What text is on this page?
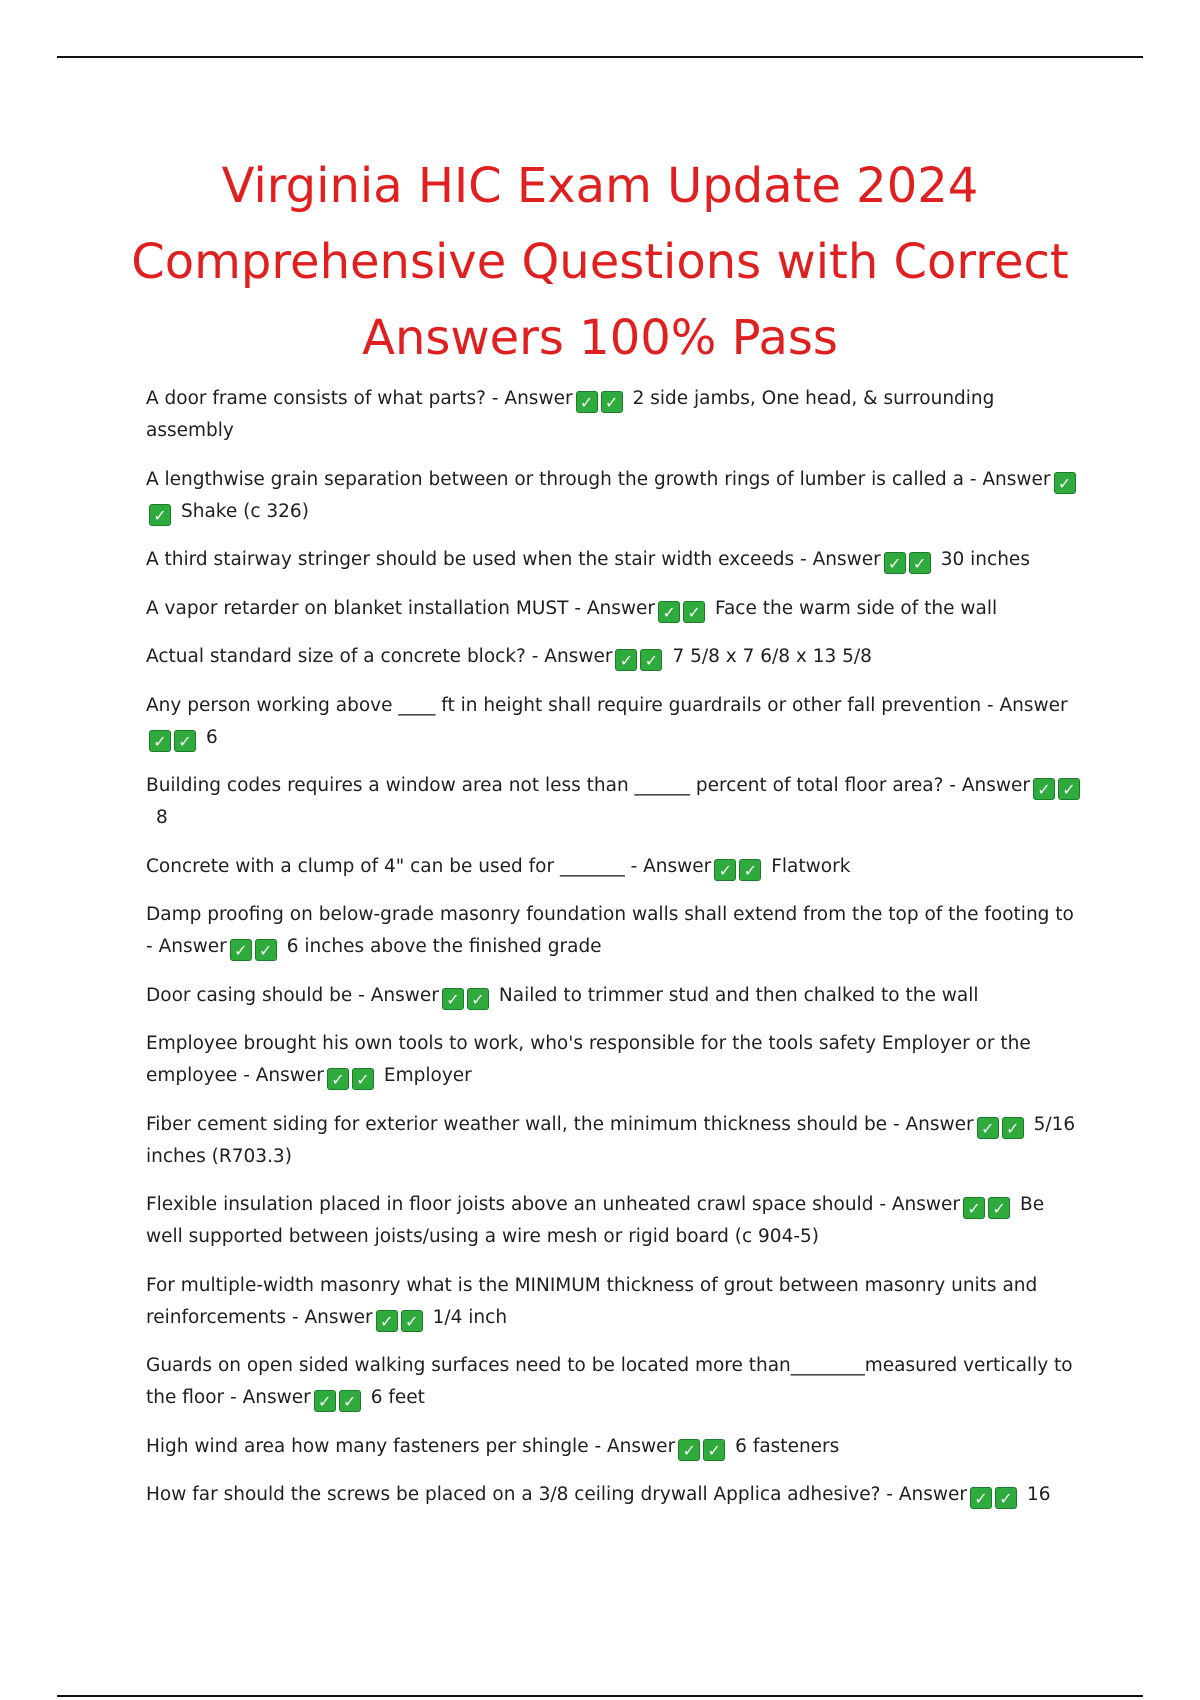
Virginia HIC Exam Update 2024 Comprehensive Questions with Correct Answers 100% Pass

A door frame consists of what parts? - Answer ✓ ✓ 2 side jambs, One head, & surrounding assembly

A lengthwise grain separation between or through the growth rings of lumber is called a - Answer ✓✓ Shake (c 326)

A third stairway stringer should be used when the stair width exceeds - Answer ✓ ✓ 30 inches

A vapor retarder on blanket installation MUST - Answer ✓ ✓ Face the warm side of the wall

Actual standard size of a concrete block? - Answer ✓ ✓ 7 5/8 x 7 6/8 x 13 5/8

Any person working above ____ ft in height shall require guardrails or other fall prevention - Answer✓ ✓ 6

Building codes requires a window area not less than ______ percent of total floor area? - Answer ✓ ✓8

Concrete with a clump of 4" can be used for _______ - Answer ✓ ✓ Flatwork

Damp proofing on below-grade masonry foundation walls shall extend from the top of the footing to - Answer ✓ ✓ 6 inches above the finished grade

Door casing should be - Answer ✓ ✓ Nailed to trimmer stud and then chalked to the wall

Employee brought his own tools to work, who's responsible for the tools safety Employer or the employee - Answer ✓ ✓ Employer

Fiber cement siding for exterior weather wall, the minimum thickness should be - Answer ✓ ✓ 5/16 inches (R703.3)

Flexible insulation placed in floor joists above an unheated crawl space should - Answer ✓ ✓ Be well supported between joists/using a wire mesh or rigid board (c 904-5)

For multiple-width masonry what is the MINIMUM thickness of grout between masonry units and reinforcements - Answer ✓ ✓ 1/4 inch

Guards on open sided walking surfaces need to be located more than________measured vertically to the floor - Answer ✓ ✓ 6 feet

High wind area how many fasteners per shingle - Answer ✓ ✓ 6 fasteners

How far should the screws be placed on a 3/8 ceiling drywall Applica adhesive? - Answer ✓ ✓ 16
